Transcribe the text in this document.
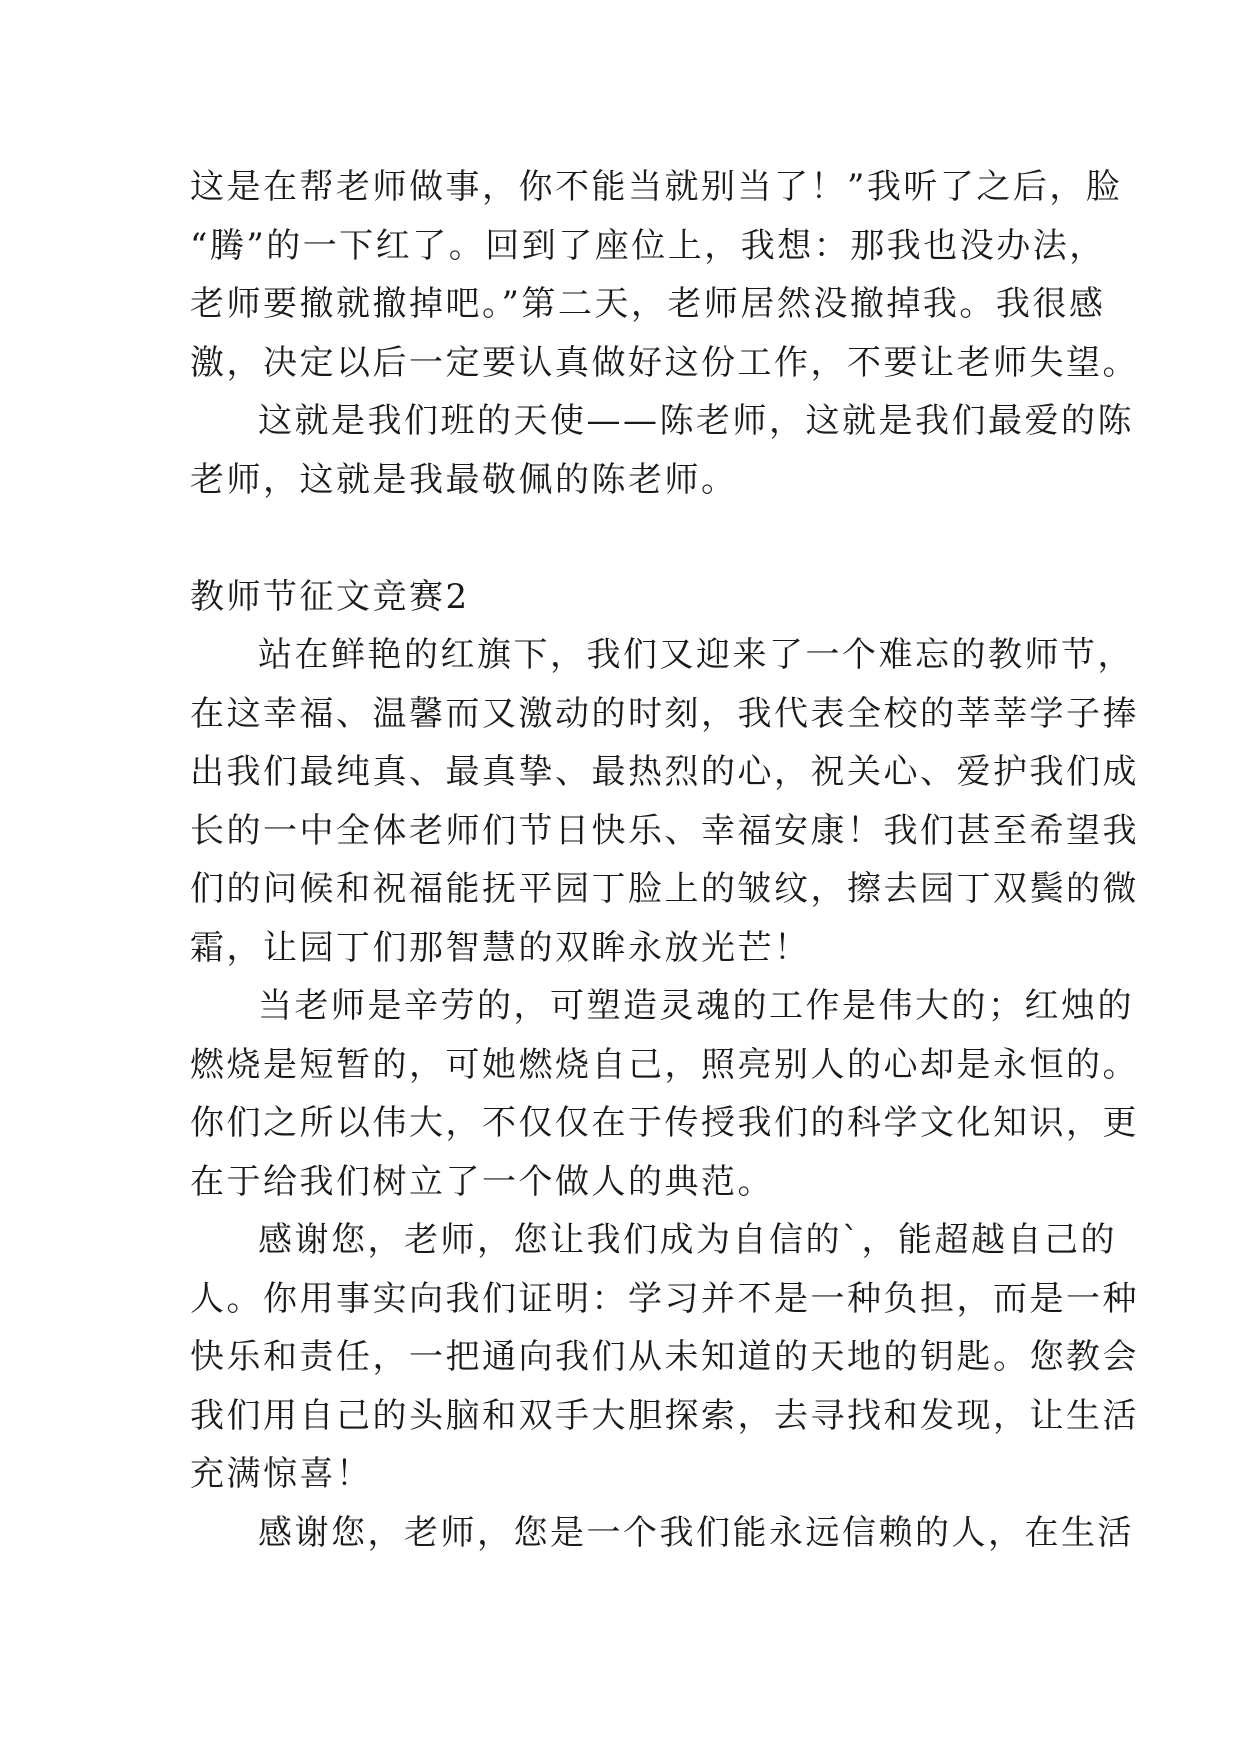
这是在帮老师做事，你不能当就别当了！”我听了之后，脸
“腾”的一下红了。回到了座位上，我想：那我也没办法，
老师要撤就撤掉吧。”第二天，老师居然没撤掉我。我很感
激，决定以后一定要认真做好这份工作，不要让老师失望。
这就是我们班的天使——陈老师，这就是我们最爱的陈
老师，这就是我最敬佩的陈老师。
教师节征文竞赛2
站在鲜艳的红旗下，我们又迎来了一个难忘的教师节，
在这幸福、温馨而又激动的时刻，我代表全校的莘莘学子捧
出我们最纯真、最真挚、最热烈的心，祝关心、爱护我们成
长的一中全体老师们节日快乐、幸福安康！我们甚至希望我
们的问候和祝福能抚平园丁脸上的皱纹，擦去园丁双鬓的微
霜，让园丁们那智慧的双眸永放光芒！
当老师是辛劳的，可塑造灵魂的工作是伟大的；红烛的
燃烧是短暂的，可她燃烧自己，照亮别人的心却是永恒的。
你们之所以伟大，不仅仅在于传授我们的科学文化知识，更
在于给我们树立了一个做人的典范。
感谢您，老师，您让我们成为自信的`，能超越自己的
人。你用事实向我们证明：学习并不是一种负担，而是一种
快乐和责任，一把通向我们从未知道的天地的钥匙。您教会
我们用自己的头脑和双手大胆探索，去寻找和发现，让生活
充满惊喜！
感谢您，老师，您是一个我们能永远信赖的人，在生活
